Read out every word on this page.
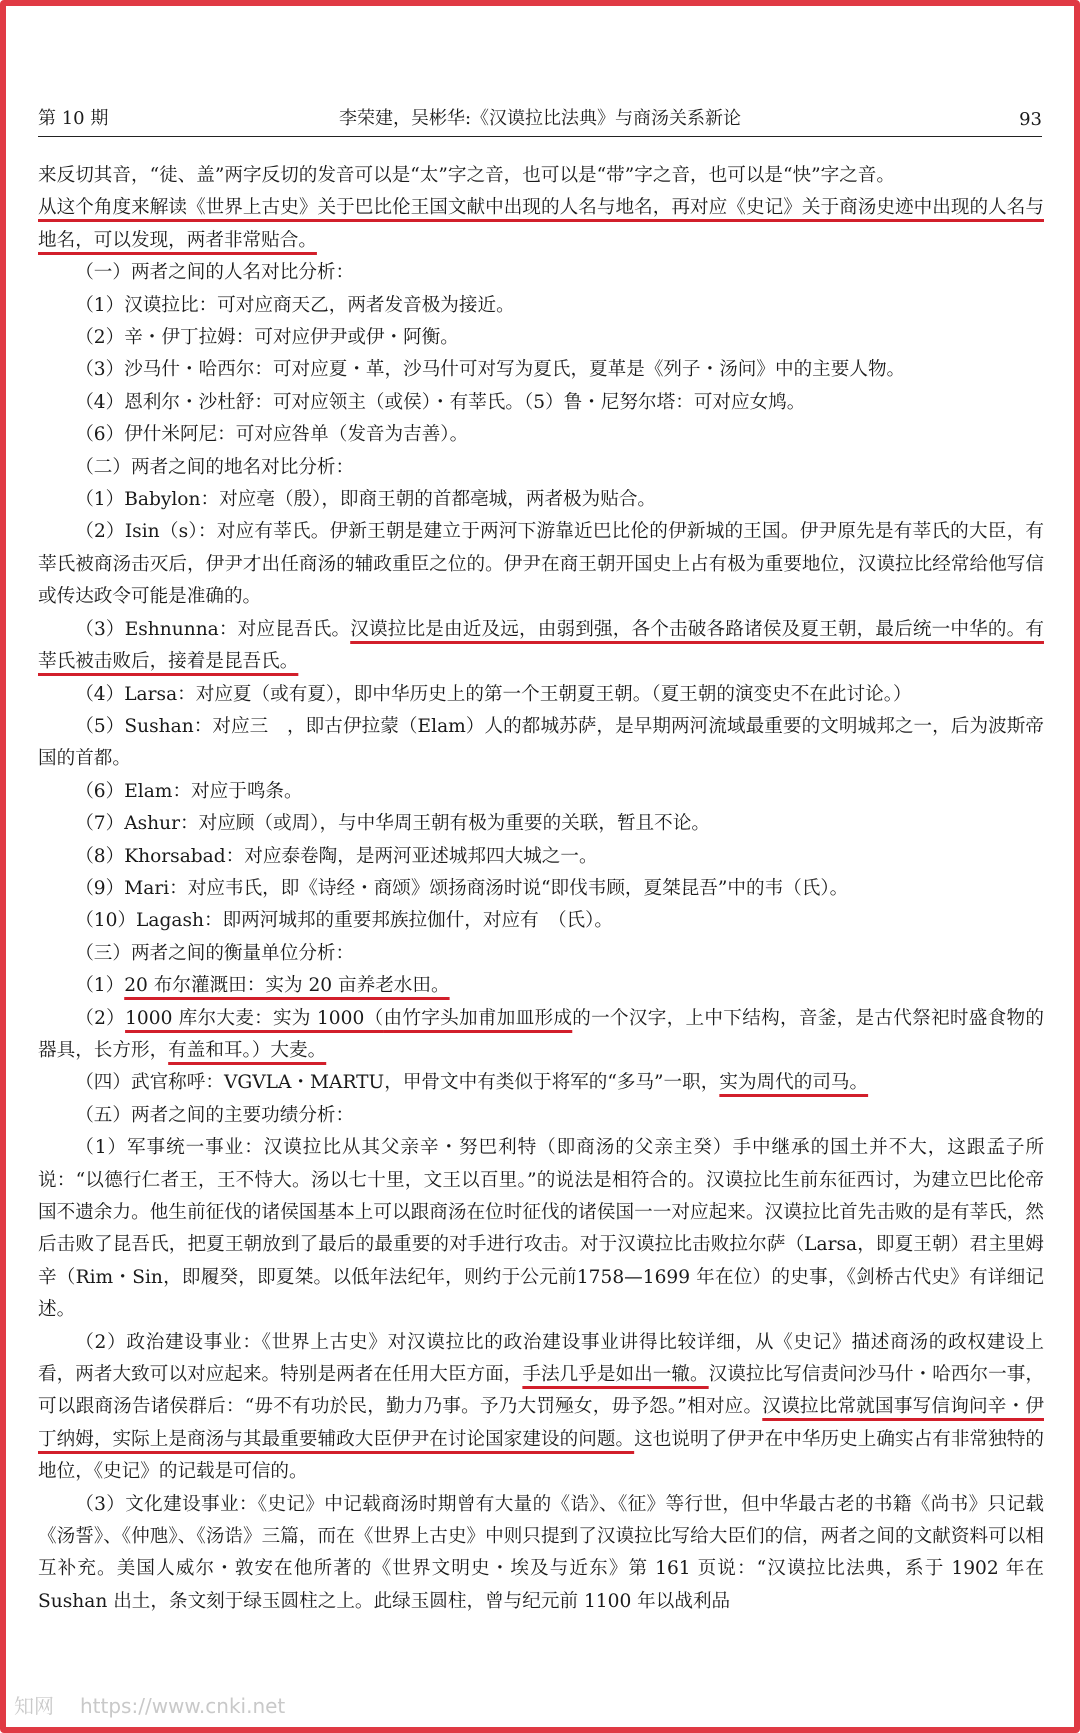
第 10 期	李荣建，吴彬华:《汉谟拉比法典》与商汤关系新论	93

来反切其音，“徒、盖”两字反切的发音可以是“太”字之音，也可以是“带”字之音，也可以是“快”字之音。

从这个角度来解读《世界上古史》关于巴比伦王国文献中出现的人名与地名，再对应《史记》关于商汤史迹中出现的人名与地名，可以发现，两者非常贴合。

（一）两者之间的人名对比分析：

（1）汉谟拉比：可对应商天乙，两者发音极为接近。

（2）辛・伊丁拉姆：可对应伊尹或伊・阿衡。

（3）沙马什・哈西尔：可对应夏・革，沙马什可对写为夏氏，夏革是《列子・汤问》中的主要人物。

（4）恩利尔・沙杜舒：可对应领主（或侯）・有莘氏。（5）鲁・尼努尔塔：可对应女鸠。

（6）伊什米阿尼：可对应咎单（发音为吉善）。

（二）两者之间的地名对比分析：

（1）Babylon：对应亳（殷），即商王朝的首都亳城，两者极为贴合。

（2）Isin（s）：对应有莘氏。伊新王朝是建立于两河下游靠近巴比伦的伊新城的王国。伊尹原先是有莘氏的大臣，有莘氏被商汤击灭后，伊尹才出任商汤的辅政重臣之位的。伊尹在商王朝开国史上占有极为重要地位，汉谟拉比经常给他写信或传达政令可能是准确的。

（3）Eshnunna：对应昆吾氏。汉谟拉比是由近及远，由弱到强，各个击破各路诸侯及夏王朝，最后统一中华的。有莘氏被击败后，接着是昆吾氏。

（4）Larsa：对应夏（或有夏），即中华历史上的第一个王朝夏王朝。（夏王朝的演变史不在此讨论。）

（5）Sushan：对应三　，即古伊拉蒙（Elam）人的都城苏萨，是早期两河流域最重要的文明城邦之一，后为波斯帝国的首都。

（6）Elam：对应于鸣条。

（7）Ashur：对应顾（或周），与中华周王朝有极为重要的关联，暂且不论。

（8）Khorsabad：对应泰卷陶，是两河亚述城邦四大城之一。

（9）Mari：对应韦氏，即《诗经・商颂》颂扬商汤时说“即伐韦顾，夏桀昆吾”中的韦（氏）。

（10）Lagash：即两河城邦的重要邦族拉伽什，对应有　（氏）。

（三）两者之间的衡量单位分析：

（1）20 布尔灌溉田：实为 20 亩养老水田。

（2）1000 库尔大麦：实为 1000（由竹字头加甫加皿形成的一个汉字，上中下结构，音釜，是古代祭祀时盛食物的器具，长方形，有盖和耳。）大麦。

（四）武官称呼：VGVLA・MARTU，甲骨文中有类似于将军的“多马”一职，实为周代的司马。

（五）两者之间的主要功绩分析：

（1）军事统一事业：汉谟拉比从其父亲辛・努巴利特（即商汤的父亲主癸）手中继承的国土并不大，这跟孟子所说：“以德行仁者王，王不恃大。汤以七十里，文王以百里。”的说法是相符合的。汉谟拉比生前东征西讨，为建立巴比伦帝国不遗余力。他生前征伐的诸侯国基本上可以跟商汤在位时征伐的诸侯国一一对应起来。汉谟拉比首先击败的是有莘氏，然后击败了昆吾氏，把夏王朝放到了最后的最重要的对手进行攻击。对于汉谟拉比击败拉尔萨（Larsa，即夏王朝）君主里姆辛（Rim・Sin，即履癸，即夏桀。以低年法纪年，则约于公元前1758—1699 年在位）的史事，《剑桥古代史》有详细记述。

（2）政治建设事业：《世界上古史》对汉谟拉比的政治建设事业讲得比较详细，从《史记》描述商汤的政权建设上看，两者大致可以对应起来。特别是两者在任用大臣方面，手法几乎是如出一辙。汉谟拉比写信责问沙马什・哈西尔一事，可以跟商汤告诸侯群后：“毋不有功於民，勤力乃事。予乃大罚殛女，毋予怨。”相对应。汉谟拉比常就国事写信询问辛・伊丁纳姆，实际上是商汤与其最重要辅政大臣伊尹在讨论国家建设的问题。这也说明了伊尹在中华历史上确实占有非常独特的地位，《史记》的记载是可信的。

（3）文化建设事业：《史记》中记载商汤时期曾有大量的《诰》、《征》等行世，但中华最古老的书籍《尚书》只记载《汤誓》、《仲虺》、《汤诰》三篇，而在《世界上古史》中则只提到了汉谟拉比写给大臣们的信，两者之间的文献资料可以相互补充。美国人威尔・敦安在他所著的《世界文明史・埃及与近东》第 161 页说：“汉谟拉比法典，系于 1902 年在 Sushan 出土，条文刻于绿玉圆柱之上。此绿玉圆柱，曾与纪元前 1100 年以战利品

知网 https://www.cnki.net
